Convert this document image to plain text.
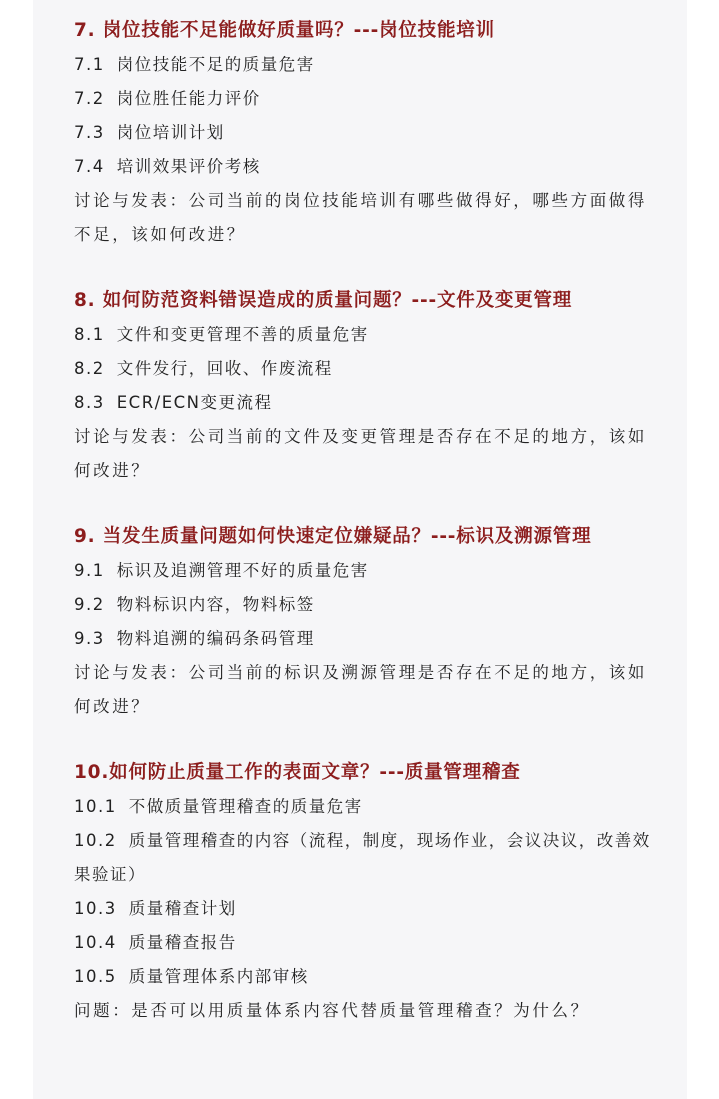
7. 岗位技能不足能做好质量吗？---岗位技能培训

7.1 岗位技能不足的质量危害

7.2 岗位胜任能力评价

7.3 岗位培训计划

7.4 培训效果评价考核

讨论与发表：公司当前的岗位技能培训有哪些做得好，哪些方面做得不足，该如何改进？

8. 如何防范资料错误造成的质量问题？---文件及变更管理

8.1 文件和变更管理不善的质量危害

8.2 文件发行，回收、作废流程

8.3 ECR/ECN变更流程

讨论与发表：公司当前的文件及变更管理是否存在不足的地方，该如何改进？

9. 当发生质量问题如何快速定位嫌疑品？---标识及溯源管理

9.1 标识及追溯管理不好的质量危害

9.2 物料标识内容，物料标签

9.3 物料追溯的编码条码管理

讨论与发表：公司当前的标识及溯源管理是否存在不足的地方，该如何改进？

10.如何防止质量工作的表面文章？---质量管理稽查

10.1 不做质量管理稽查的质量危害

10.2 质量管理稽查的内容（流程，制度，现场作业，会议决议，改善效果验证）

10.3 质量稽查计划

10.4 质量稽查报告

10.5 质量管理体系内部审核

问题：是否可以用质量体系内容代替质量管理稽查？为什么？
